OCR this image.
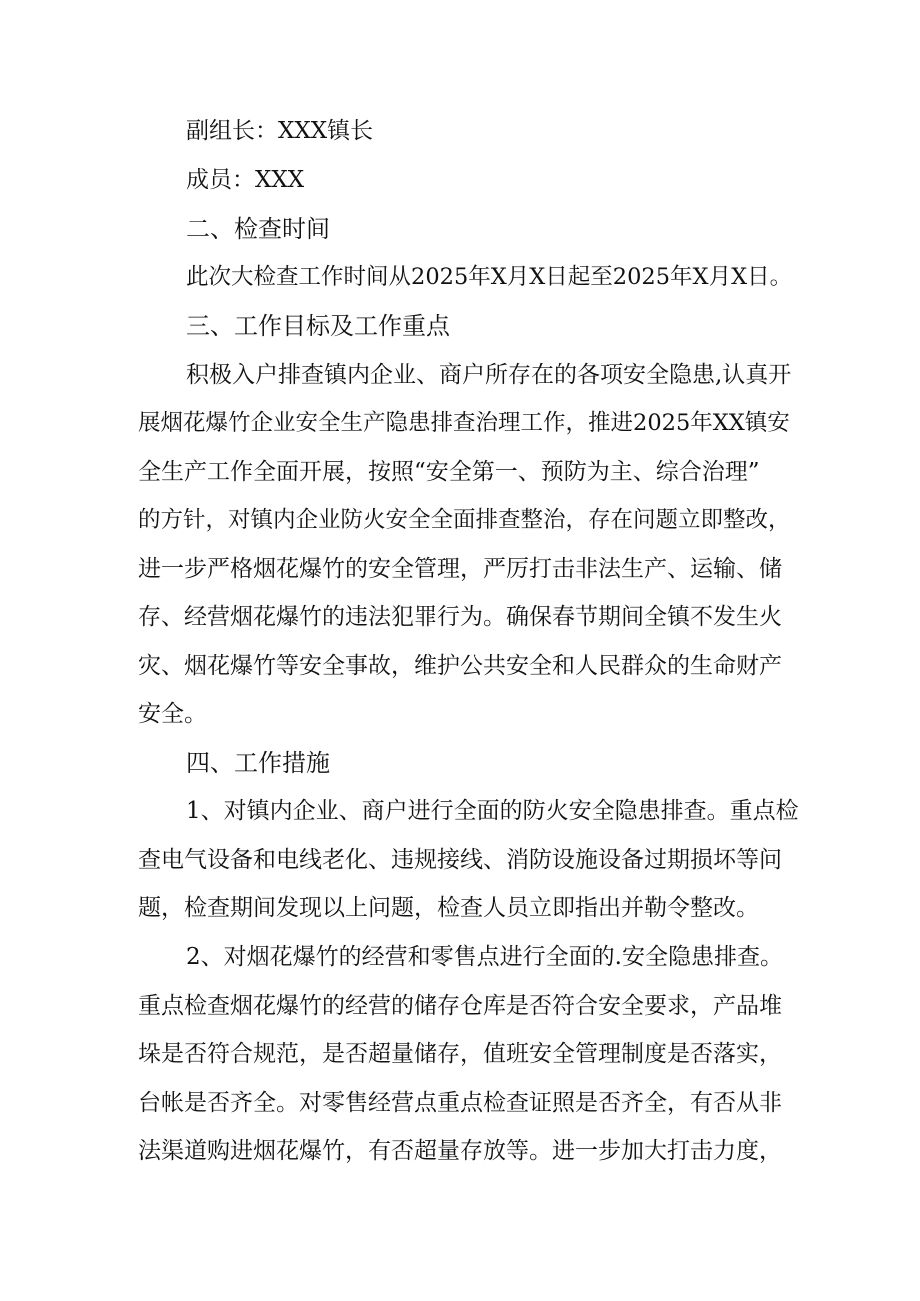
副组长：XXX镇长
成员：XXX
二、检查时间
此次大检查工作时间从2025年X月X日起至2025年X月X日。
三、工作目标及工作重点
积极入户排查镇内企业、商户所存在的各项安全隐患,认真开
展烟花爆竹企业安全生产隐患排查治理工作，推进2025年XX镇安
全生产工作全面开展，按照“安全第一、预防为主、综合治理”
的方针，对镇内企业防火安全全面排查整治，存在问题立即整改，
进一步严格烟花爆竹的安全管理，严厉打击非法生产、运输、储
存、经营烟花爆竹的违法犯罪行为。确保春节期间全镇不发生火
灾、烟花爆竹等安全事故，维护公共安全和人民群众的生命财产
安全。
四、工作措施
1、对镇内企业、商户进行全面的防火安全隐患排查。重点检
查电气设备和电线老化、违规接线、消防设施设备过期损坏等问
题，检查期间发现以上问题，检查人员立即指出并勒令整改。
2、对烟花爆竹的经营和零售点进行全面的.安全隐患排查。
重点检查烟花爆竹的经营的储存仓库是否符合安全要求，产品堆
垛是否符合规范，是否超量储存，值班安全管理制度是否落实，
台帐是否齐全。对零售经营点重点检查证照是否齐全，有否从非
法渠道购进烟花爆竹，有否超量存放等。进一步加大打击力度，
